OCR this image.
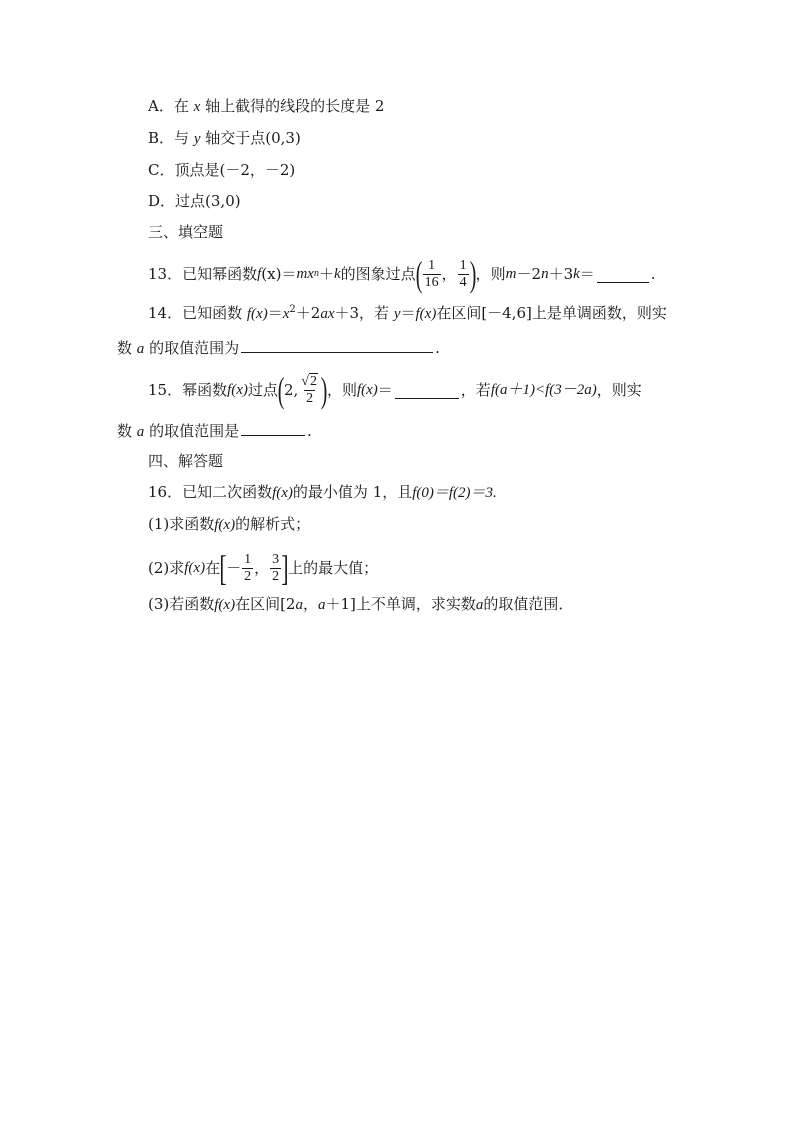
A．在 x 轴上截得的线段的长度是 2
B．与 y 轴交于点(0,3)
C．顶点是(－2，－2)
D．过点(3,0)
三、填空题
13．已知幂函数 f (x)＝ mx n ＋ k 的图象过点 ( $\frac{1}{16}$ ， $\frac{1}{4}$ ) ，则 m －2 n ＋3 k ＝	.
14．已知函数 $f(x)=x^2+2ax+3$，若 y＝f(x)在区间[－4,6]上是单调函数，则实
数 a 的取值范围为	.
15．幂函数 f(x) 过点 ( 2, $\frac{√2}{2}$ ) ，则 f(x) ＝	，若 f(a＋1)<f(3－2a) ，则实
数 a 的取值范围是	.
四、解答题
16．已知二次函数f(x)的最小值为 1，且f(0)＝f(2)＝3.
(1)求函数f(x)的解析式；
(2)求 f(x) 在 [ － $\frac{1}{2}$ ， $\frac{3}{2}$ ] 上的最大值；
(3)若函数f(x)在区间[2a，a＋1]上不单调，求实数a的取值范围．
